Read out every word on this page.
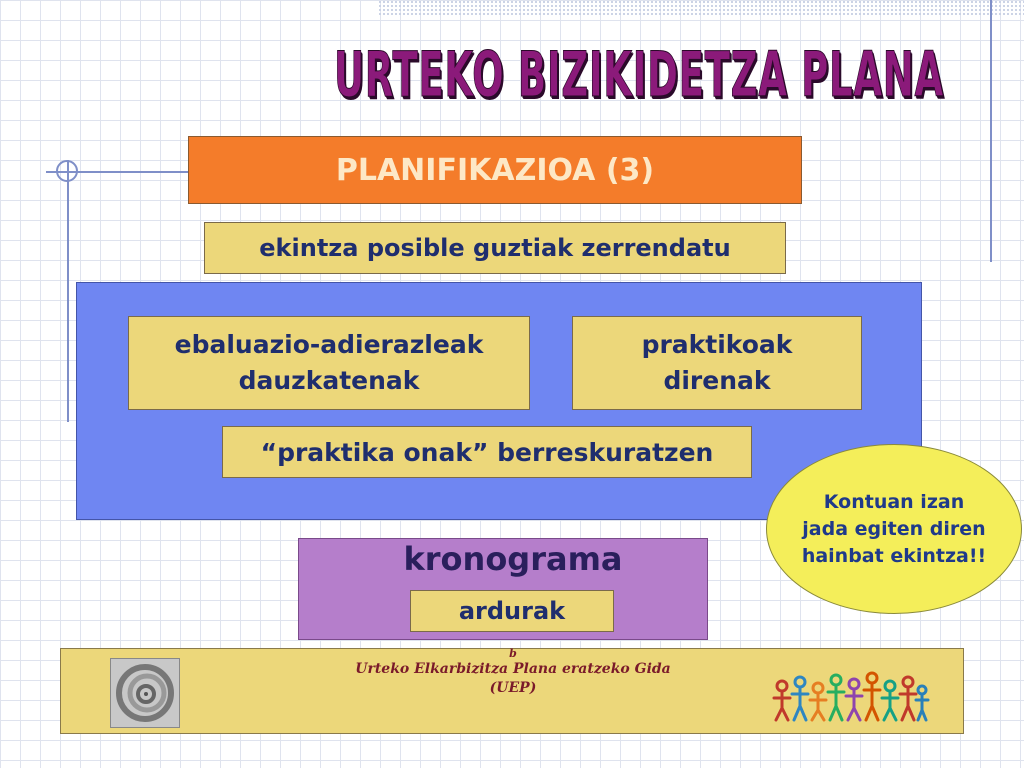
URTEKO BIZIKIDETZA PLANA
PLANIFIKAZIOA (3)
ekintza posible guztiak zerrendatu
ebaluazio-adierazleak
dauzkatenak
praktikoak
direnak
“praktika onak” berreskuratzen
kronograma
ardurak
Kontuan izan
jada egiten diren
hainbat ekintza!!
b
Urteko Elkarbizitza Plana eratzeko Gida
(UEP)
